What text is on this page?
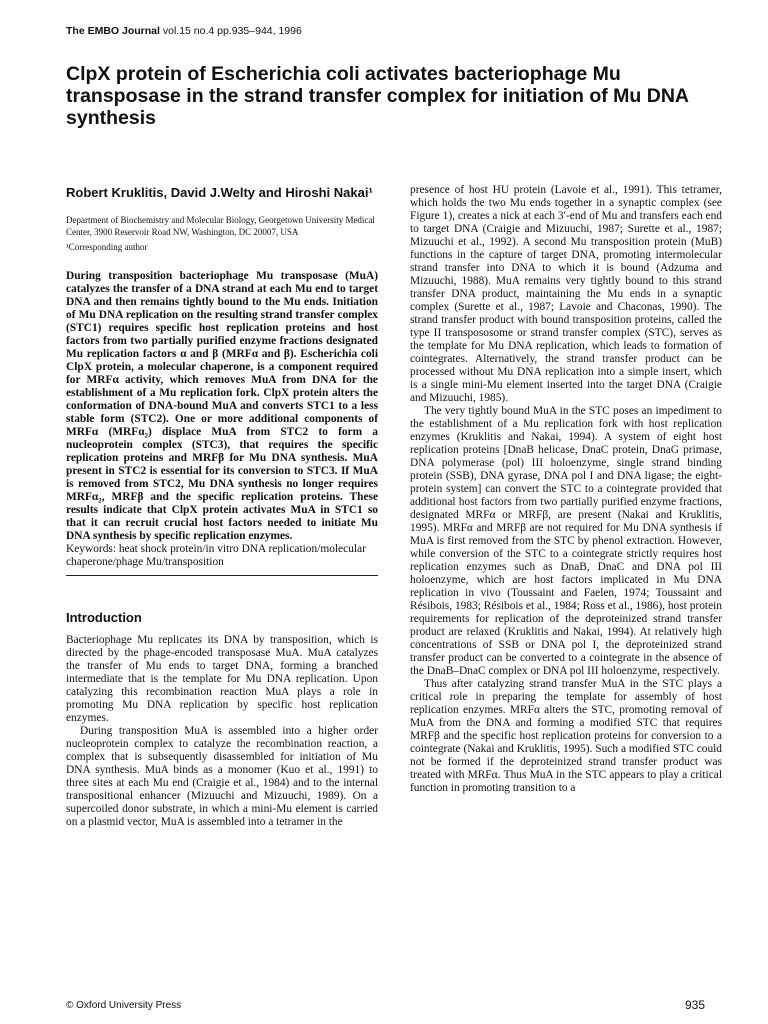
The EMBO Journal vol.15 no.4 pp.935–944, 1996
ClpX protein of Escherichia coli activates bacteriophage Mu transposase in the strand transfer complex for initiation of Mu DNA synthesis

Robert Kruklitis, David J.Welty and Hiroshi Nakai¹

Department of Biochemistry and Molecular Biology, Georgetown University Medical Center, 3900 Reservoir Road NW, Washington, DC 20007, USA

¹Corresponding author

During transposition bacteriophage Mu transposase (MuA) catalyzes the transfer of a DNA strand at each Mu end to target DNA and then remains tightly bound to the Mu ends. Initiation of Mu DNA replication on the resulting strand transfer complex (STC1) requires specific host replication proteins and host factors from two partially purified enzyme fractions designated Mu replication factors α and β (MRFα and β). Escherichia coli ClpX protein, a molecular chaperone, is a component required for MRFα activity, which removes MuA from DNA for the establishment of a Mu replication fork. ClpX protein alters the conformation of DNA-bound MuA and converts STC1 to a less stable form (STC2). One or more additional components of MRFα (MRFα₂) displace MuA from STC2 to form a nucleoprotein complex (STC3), that requires the specific replication proteins and MRFβ for Mu DNA synthesis. MuA present in STC2 is essential for its conversion to STC3. If MuA is removed from STC2, Mu DNA synthesis no longer requires MRFα₂, MRFβ and the specific replication proteins. These results indicate that ClpX protein activates MuA in STC1 so that it can recruit crucial host factors needed to initiate Mu DNA synthesis by specific replication enzymes.

Keywords: heat shock protein/in vitro DNA replication/molecular chaperone/phage Mu/transposition

Introduction

Bacteriophage Mu replicates its DNA by transposition, which is directed by the phage-encoded transposase MuA. MuA catalyzes the transfer of Mu ends to target DNA, forming a branched intermediate that is the template for Mu DNA replication. Upon catalyzing this recombination reaction MuA plays a role in promoting Mu DNA replication by specific host replication enzymes.

During transposition MuA is assembled into a higher order nucleoprotein complex to catalyze the recombination reaction, a complex that is subsequently disassembled for initiation of Mu DNA synthesis. MuA binds as a monomer (Kuo et al., 1991) to three sites at each Mu end (Craigie et al., 1984) and to the internal transpositional enhancer (Mizuuchi and Mizuuchi, 1989). On a supercoiled donor substrate, in which a mini-Mu element is carried on a plasmid vector, MuA is assembled into a tetramer in the

presence of host HU protein (Lavoie et al., 1991). This tetramer, which holds the two Mu ends together in a synaptic complex (see Figure 1), creates a nick at each 3′-end of Mu and transfers each end to target DNA (Craigie and Mizuuchi, 1987; Surette et al., 1987; Mizuuchi et al., 1992). A second Mu transposition protein (MuB) functions in the capture of target DNA, promoting intermolecular strand transfer into DNA to which it is bound (Adzuma and Mizuuchi, 1988). MuA remains very tightly bound to this strand transfer DNA product, maintaining the Mu ends in a synaptic complex (Surette et al., 1987; Lavoie and Chaconas, 1990). The strand transfer product with bound transposition proteins, called the type II transpososome or strand transfer complex (STC), serves as the template for Mu DNA replication, which leads to formation of cointegrates. Alternatively, the strand transfer product can be processed without Mu DNA replication into a simple insert, which is a single mini-Mu element inserted into the target DNA (Craigie and Mizuuchi, 1985).

The very tightly bound MuA in the STC poses an impediment to the establishment of a Mu replication fork with host replication enzymes (Kruklitis and Nakai, 1994). A system of eight host replication proteins [DnaB helicase, DnaC protein, DnaG primase, DNA polymerase (pol) III holoenzyme, single strand binding protein (SSB), DNA gyrase, DNA pol I and DNA ligase; the eight-protein system] can convert the STC to a cointegrate provided that additional host factors from two partially purified enzyme fractions, designated MRFα or MRFβ, are present (Nakai and Kruklitis, 1995). MRFα and MRFβ are not required for Mu DNA synthesis if MuA is first removed from the STC by phenol extraction. However, while conversion of the STC to a cointegrate strictly requires host replication enzymes such as DnaB, DnaC and DNA pol III holoenzyme, which are host factors implicated in Mu DNA replication in vivo (Toussaint and Faelen, 1974; Toussaint and Résibois, 1983; Résibois et al., 1984; Ross et al., 1986), host protein requirements for replication of the deproteinized strand transfer product are relaxed (Kruklitis and Nakai, 1994). At relatively high concentrations of SSB or DNA pol I, the deproteinized strand transfer product can be converted to a cointegrate in the absence of the DnaB–DnaC complex or DNA pol III holoenzyme, respectively.

Thus after catalyzing strand transfer MuA in the STC plays a critical role in preparing the template for assembly of host replication enzymes. MRFα alters the STC, promoting removal of MuA from the DNA and forming a modified STC that requires MRFβ and the specific host replication proteins for conversion to a cointegrate (Nakai and Kruklitis, 1995). Such a modified STC could not be formed if the deproteinized strand transfer product was treated with MRFα. Thus MuA in the STC appears to play a critical function in promoting transition to a

© Oxford University Press	935
